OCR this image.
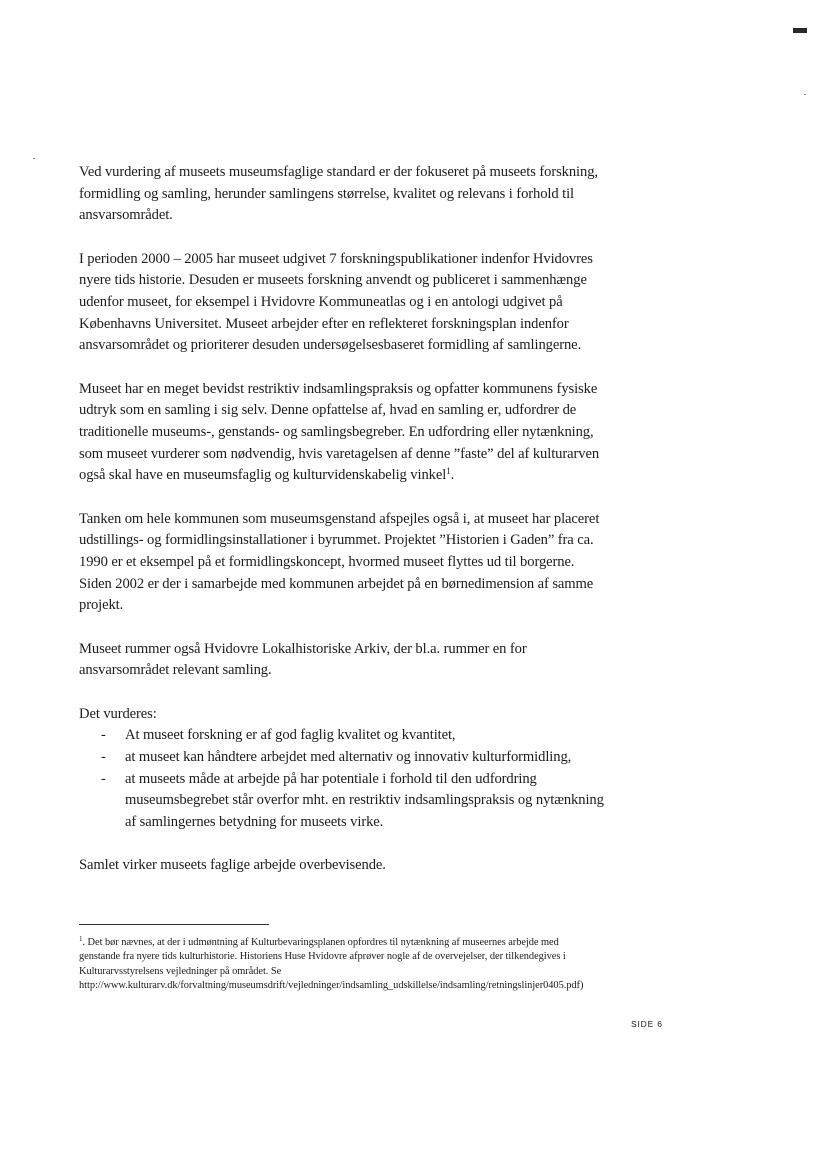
Ved vurdering af museets museumsfaglige standard er der fokuseret på museets forskning, formidling og samling, herunder samlingens størrelse, kvalitet og relevans i forhold til ansvarsområdet.

I perioden 2000 – 2005 har museet udgivet 7 forskningspublikationer indenfor Hvidovres nyere tids historie. Desuden er museets forskning anvendt og publiceret i sammenhænge udenfor museet, for eksempel i Hvidovre Kommuneatlas og i en antologi udgivet på Københavns Universitet. Museet arbejder efter en reflekteret forskningsplan indenfor ansvarsområdet og prioriterer desuden undersøgelsesbaseret formidling af samlingerne.

Museet har en meget bevidst restriktiv indsamlingspraksis og opfatter kommunens fysiske udtryk som en samling i sig selv. Denne opfattelse af, hvad en samling er, udfordrer de traditionelle museums-, genstands- og samlingsbegreber. En udfordring eller nytænkning, som museet vurderer som nødvendig, hvis varetagelsen af denne ”faste” del af kulturarven også skal have en museumsfaglig og kulturvidenskabelig vinkel$^1$.

Tanken om hele kommunen som museumsgenstand afspejles også i, at museet har placeret udstillings- og formidlingsinstallationer i byrummet. Projektet ”Historien i Gaden” fra ca. 1990 er et eksempel på et formidlingskoncept, hvormed museet flyttes ud til borgerne. Siden 2002 er der i samarbejde med kommunen arbejdet på en børnedimension af samme projekt.

Museet rummer også Hvidovre Lokalhistoriske Arkiv, der bl.a. rummer en for ansvarsområdet relevant samling.

Det vurderes:

- At museet forskning er af god faglig kvalitet og kvantitet,
- at museet kan håndtere arbejdet med alternativ og innovativ kulturformidling,
- at museets måde at arbejde på har potentiale i forhold til den udfordring museumsbegrebet står overfor mht. en restriktiv indsamlingspraksis og nytænkning af samlingernes betydning for museets virke.

Samlet virker museets faglige arbejde overbevisende.

$^1$. Det bør nævnes, at der i udmøntning af Kulturbevaringsplanen opfordres til nytænkning af museernes arbejde med genstande fra nyere tids kulturhistorie. Historiens Huse Hvidovre afprøver nogle af de overvejelser, der tilkendegives i Kulturarvsstyrelsens vejledninger på området. Se http://www.kulturarv.dk/forvaltning/museumsdrift/vejledninger/indsamling_udskillelse/indsamling/retningslinjer0405.pdf)
SIDE 6
